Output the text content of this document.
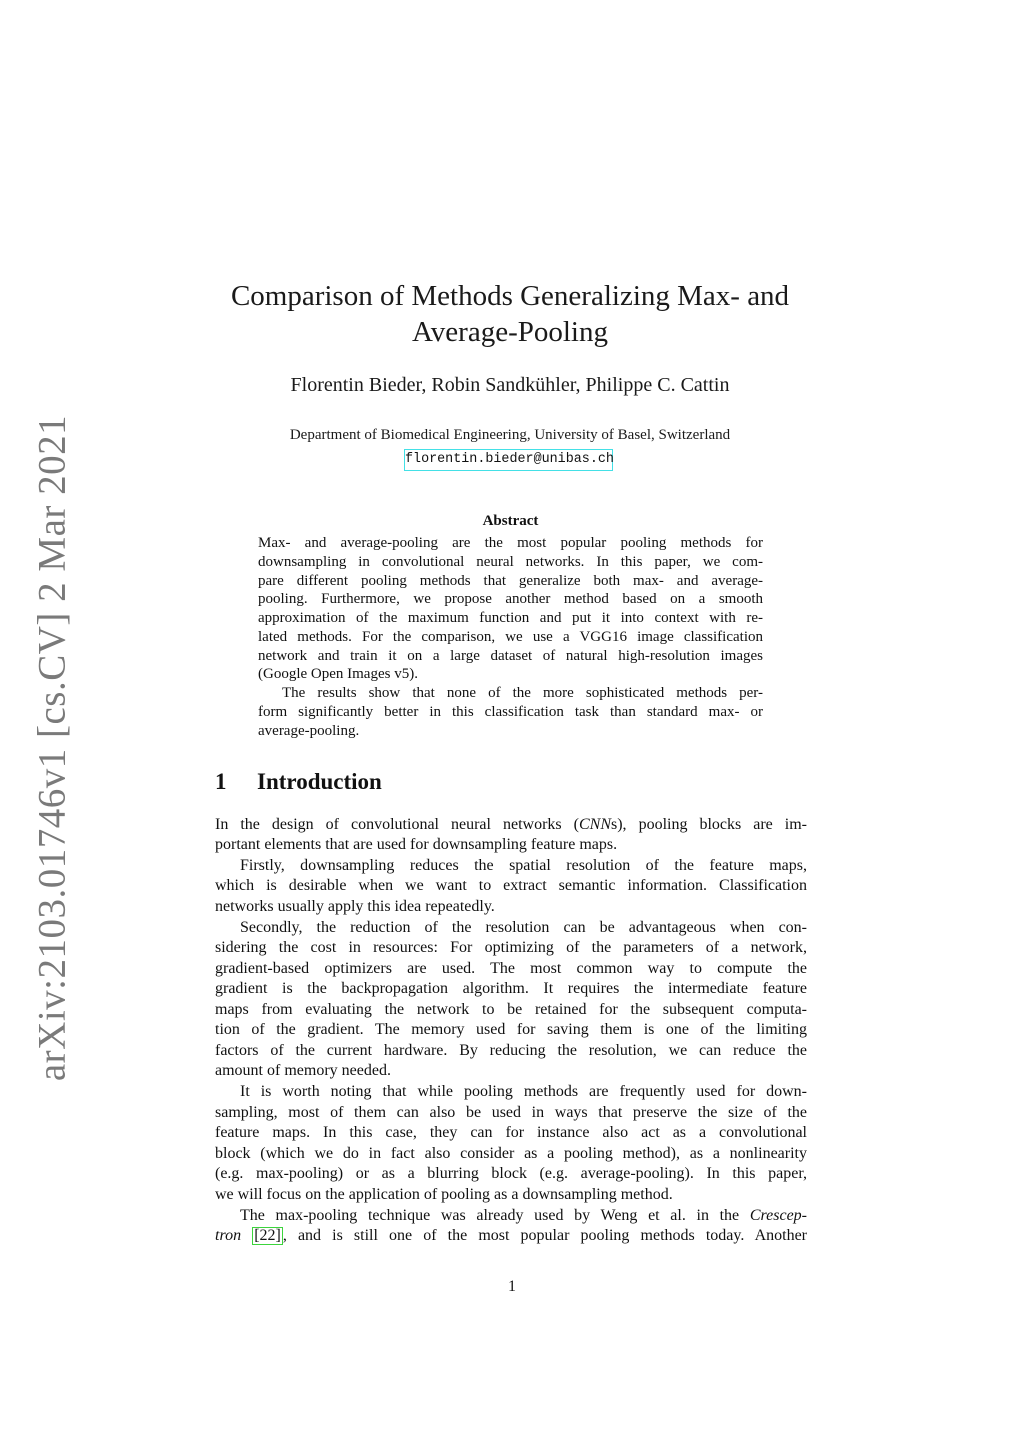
arXiv:2103.01746v1 [cs.CV] 2 Mar 2021
Comparison of Methods Generalizing Max- and
Average-Pooling
Florentin Bieder, Robin Sandkühler, Philippe C. Cattin
Department of Biomedical Engineering, University of Basel, Switzerland
florentin.bieder@unibas.ch
Abstract
Max- and average-pooling are the most popular pooling methods for
downsampling in convolutional neural networks. In this paper, we com-
pare different pooling methods that generalize both max- and average-
pooling. Furthermore, we propose another method based on a smooth
approximation of the maximum function and put it into context with re-
lated methods. For the comparison, we use a VGG16 image classification
network and train it on a large dataset of natural high-resolution images
(Google Open Images v5).
The results show that none of the more sophisticated methods per-
form significantly better in this classification task than standard max- or
average-pooling.
1 Introduction
In the design of convolutional neural networks (CNNs), pooling blocks are im-
portant elements that are used for downsampling feature maps.
Firstly, downsampling reduces the spatial resolution of the feature maps,
which is desirable when we want to extract semantic information. Classification
networks usually apply this idea repeatedly.
Secondly, the reduction of the resolution can be advantageous when con-
sidering the cost in resources: For optimizing of the parameters of a network,
gradient-based optimizers are used. The most common way to compute the
gradient is the backpropagation algorithm. It requires the intermediate feature
maps from evaluating the network to be retained for the subsequent computa-
tion of the gradient. The memory used for saving them is one of the limiting
factors of the current hardware. By reducing the resolution, we can reduce the
amount of memory needed.
It is worth noting that while pooling methods are frequently used for down-
sampling, most of them can also be used in ways that preserve the size of the
feature maps. In this case, they can for instance also act as a convolutional
block (which we do in fact also consider as a pooling method), as a nonlinearity
(e.g. max-pooling) or as a blurring block (e.g. average-pooling). In this paper,
we will focus on the application of pooling as a downsampling method.
The max-pooling technique was already used by Weng et al. in the Crescep-
tron [22] , and is still one of the most popular pooling methods today. Another
1
